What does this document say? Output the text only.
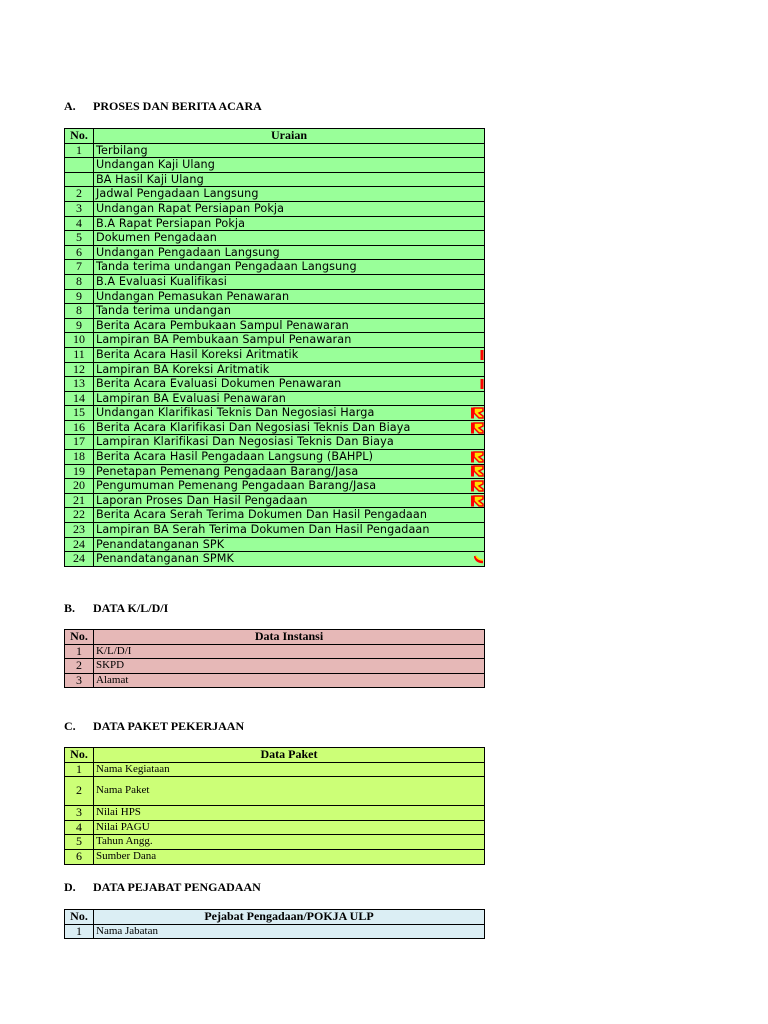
A. PROSES DAN BERITA ACARA
No.	Uraian
1	Terbilang
	Undangan Kaji Ulang
	BA Hasil Kaji Ulang
2	Jadwal Pengadaan Langsung
3	Undangan Rapat Persiapan Pokja
4	B.A Rapat Persiapan Pokja
5	Dokumen Pengadaan
6	Undangan Pengadaan Langsung
7	Tanda terima undangan Pengadaan Langsung
8	B.A Evaluasi Kualifikasi
9	Undangan Pemasukan Penawaran
8	Tanda terima undangan
9	Berita Acara Pembukaan Sampul Penawaran
10	Lampiran BA Pembukaan Sampul Penawaran
11	Berita Acara Hasil Koreksi Aritmatik

12	Lampiran BA Koreksi Aritmatik
13	Berita Acara Evaluasi Dokumen Penawaran

14	Lampiran BA Evaluasi Penawaran
15	Undangan Klarifikasi Teknis Dan Negosiasi Harga

16	Berita Acara Klarifikasi Dan Negosiasi Teknis Dan Biaya

17	Lampiran Klarifikasi Dan Negosiasi Teknis Dan Biaya
18	Berita Acara Hasil Pengadaan Langsung (BAHPL)

19	Penetapan Pemenang Pengadaan Barang/Jasa

20	Pengumuman Pemenang Pengadaan Barang/Jasa

21	Laporan Proses Dan Hasil Pengadaan

22	Berita Acara Serah Terima Dokumen Dan Hasil Pengadaan
23	Lampiran BA Serah Terima Dokumen Dan Hasil Pengadaan
24	Penandatanganan SPK
24	Penandatanganan SPMK
B. DATA K/L/D/I
No.	Data Instansi
1	K/L/D/I
2	SKPD
3	Alamat
C. DATA PAKET PEKERJAAN
No.	Data Paket
1	Nama Kegiataan
2	Nama Paket
3	Nilai HPS
4	Nilai PAGU
5	Tahun Angg.
6	Sumber Dana
D. DATA PEJABAT PENGADAAN
No.	Pejabat Pengadaan/POKJA ULP
1	Nama Jabatan
